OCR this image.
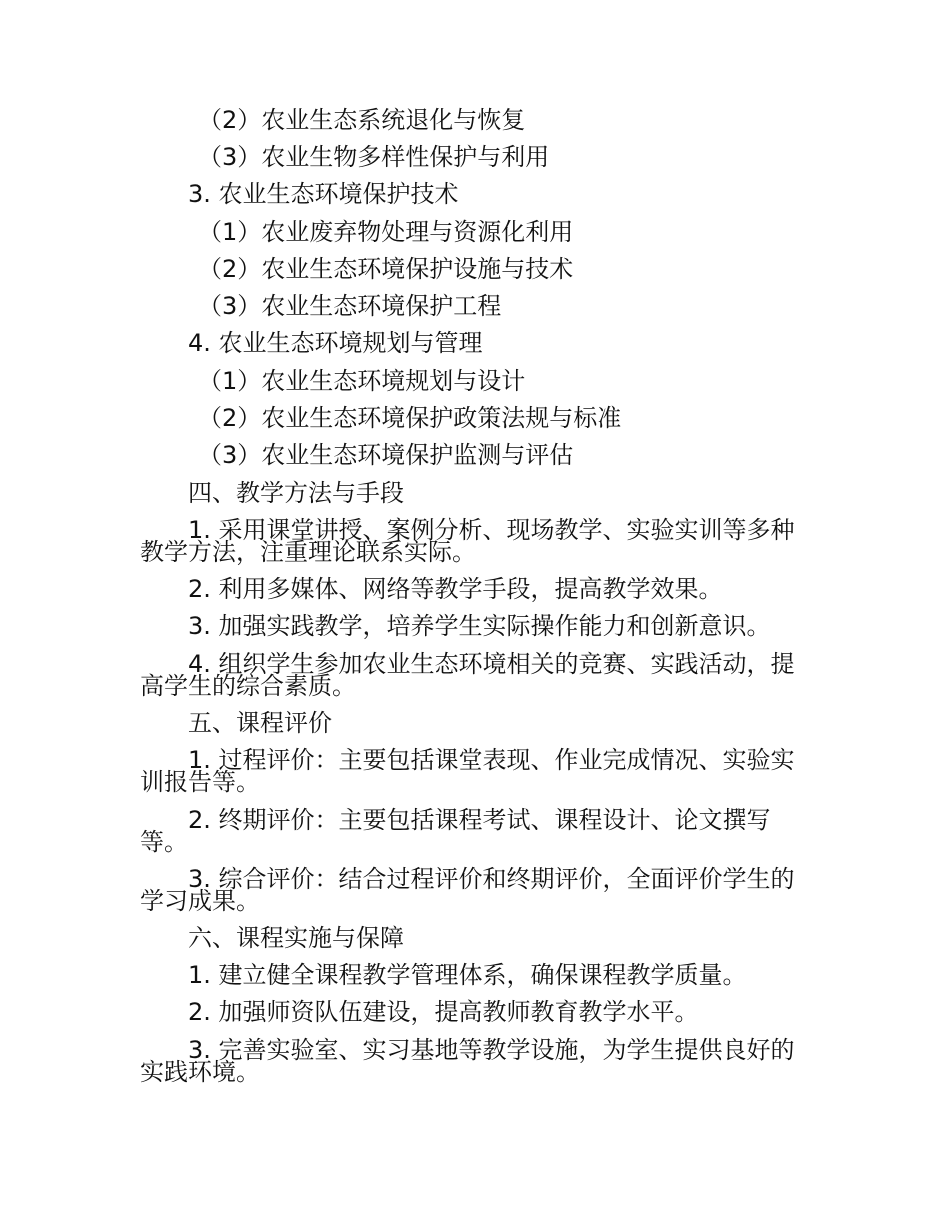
（2）农业生态系统退化与恢复
（3）农业生物多样性保护与利用
3. 农业生态环境保护技术
（1）农业废弃物处理与资源化利用
（2）农业生态环境保护设施与技术
（3）农业生态环境保护工程
4. 农业生态环境规划与管理
（1）农业生态环境规划与设计
（2）农业生态环境保护政策法规与标准
（3）农业生态环境保护监测与评估
四、教学方法与手段
1. 采用课堂讲授、案例分析、现场教学、实验实训等多种
教学方法，注重理论联系实际。
2. 利用多媒体、网络等教学手段，提高教学效果。
3. 加强实践教学，培养学生实际操作能力和创新意识。
4. 组织学生参加农业生态环境相关的竞赛、实践活动，提
高学生的综合素质。
五、课程评价
1. 过程评价：主要包括课堂表现、作业完成情况、实验实
训报告等。
2. 终期评价：主要包括课程考试、课程设计、论文撰写
等。
3. 综合评价：结合过程评价和终期评价，全面评价学生的
学习成果。
六、课程实施与保障
1. 建立健全课程教学管理体系，确保课程教学质量。
2. 加强师资队伍建设，提高教师教育教学水平。
3. 完善实验室、实习基地等教学设施，为学生提供良好的
实践环境。
